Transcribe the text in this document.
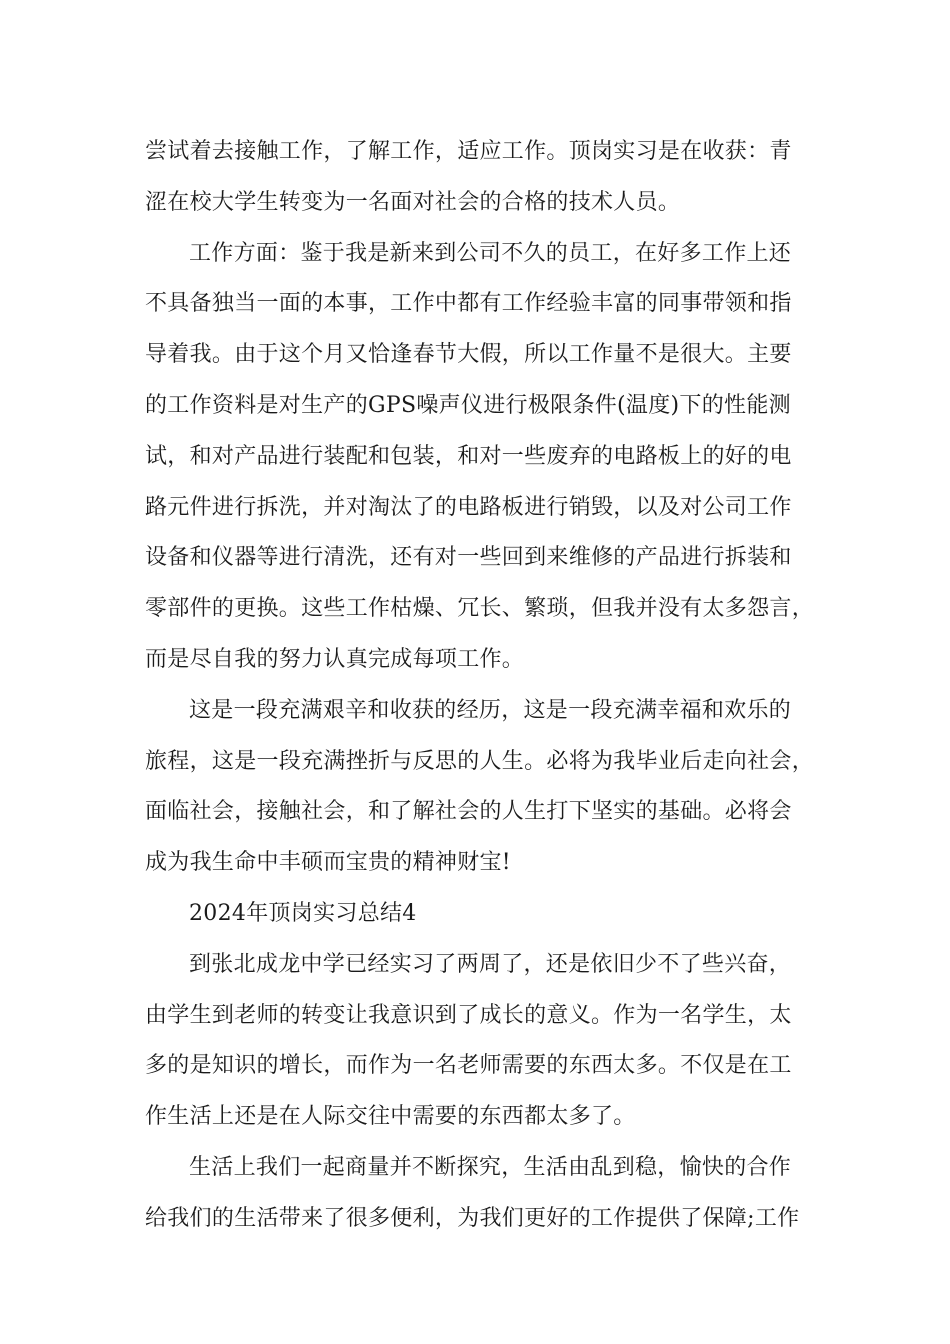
尝试着去接触工作，了解工作，适应工作。顶岗实习是在收获：青
涩在校大学生转变为一名面对社会的合格的技术人员。
工作方面：鉴于我是新来到公司不久的员工，在好多工作上还
不具备独当一面的本事，工作中都有工作经验丰富的同事带领和指
导着我。由于这个月又恰逢春节大假，所以工作量不是很大。主要
的工作资料是对生产的GPS噪声仪进行极限条件(温度)下的性能测
试，和对产品进行装配和包装，和对一些废弃的电路板上的好的电
路元件进行拆洗，并对淘汰了的电路板进行销毁，以及对公司工作
设备和仪器等进行清洗，还有对一些回到来维修的产品进行拆装和
零部件的更换。这些工作枯燥、冗长、繁琐，但我并没有太多怨言，
而是尽自我的努力认真完成每项工作。
这是一段充满艰辛和收获的经历，这是一段充满幸福和欢乐的
旅程，这是一段充满挫折与反思的人生。必将为我毕业后走向社会，
面临社会，接触社会，和了解社会的人生打下坚实的基础。必将会
成为我生命中丰硕而宝贵的精神财宝!
2024年顶岗实习总结4
到张北成龙中学已经实习了两周了，还是依旧少不了些兴奋，
由学生到老师的转变让我意识到了成长的意义。作为一名学生，太
多的是知识的增长，而作为一名老师需要的东西太多。不仅是在工
作生活上还是在人际交往中需要的东西都太多了。
生活上我们一起商量并不断探究，生活由乱到稳，愉快的合作
给我们的生活带来了很多便利，为我们更好的工作提供了保障;工作
